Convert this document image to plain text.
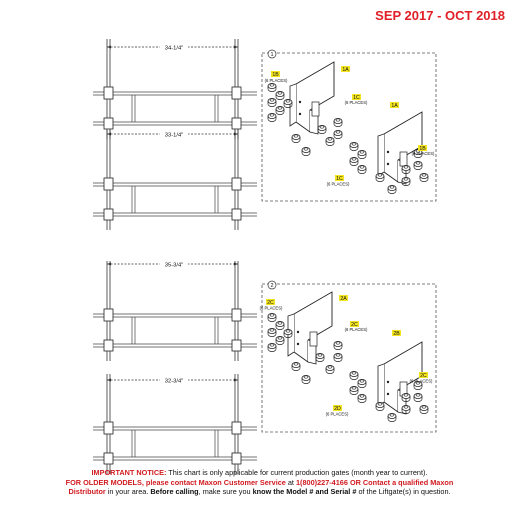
SEP 2017 - OCT 2018
34-1/4"
33-1/4"
35-3/4"
32-3/4"
1
1A
1A
1B
(6 PLACES)
1C
(6 PLACES)
1B
(6 PLACES)
1C
(6 PLACES)
2
2A
2B
2C
(6 PLACES)
2C
(6 PLACES)
2C
(6 PLACES)
2D
(6 PLACES)
IMPORTANT NOTICE: This chart is only applicable for current production gates (month year to current).
FOR OLDER MODELS, please contact Maxon Customer Service at 1(800)227-4166 OR Contact a qualified Maxon
Distributor in your area. Before calling, make sure you know the Model # and Serial # of the Liftgate(s) in question.
